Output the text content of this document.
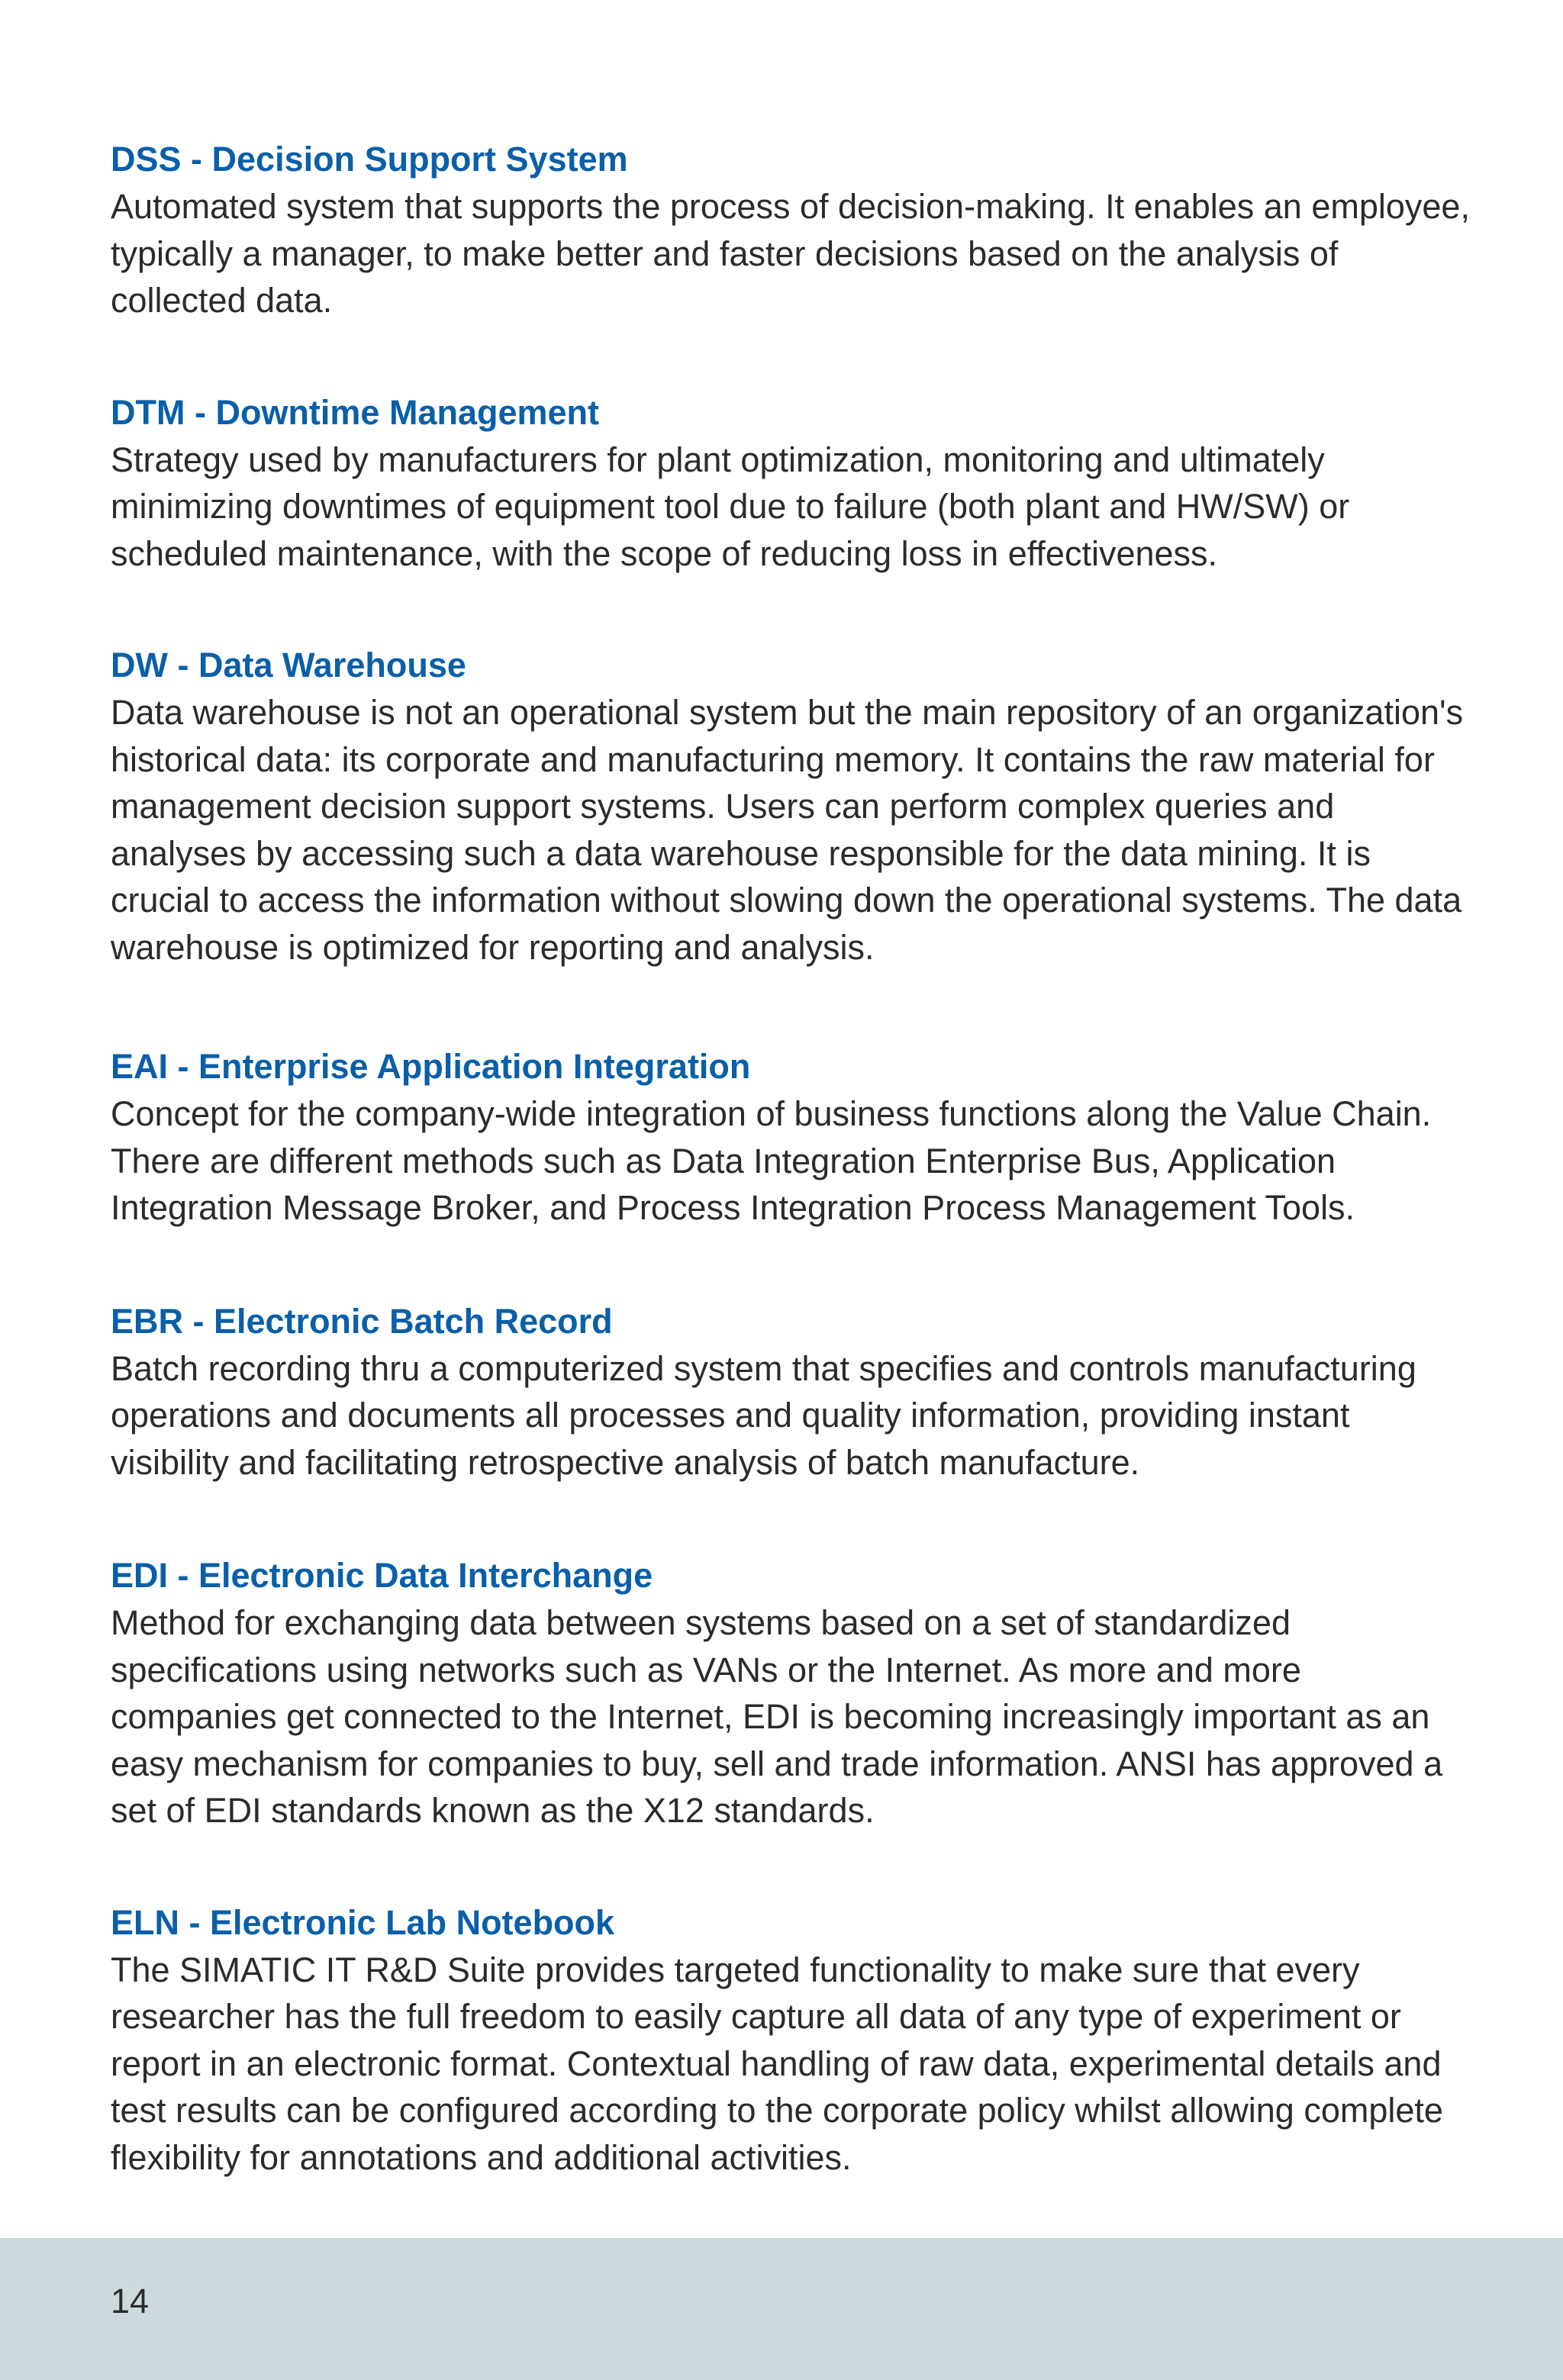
DSS - Decision Support System

Automated system that supports the process of decision-making. It enables an employee, typically a manager, to make better and faster decisions based on the analysis of collected data.

DTM - Downtime Management

Strategy used by manufacturers for plant optimization, monitoring and ultimately minimizing downtimes of equipment tool due to failure (both plant and HW/SW) or scheduled maintenance, with the scope of reducing loss in effectiveness.

DW - Data Warehouse

Data warehouse is not an operational system but the main repository of an organization's historical data: its corporate and manufacturing memory. It contains the raw material for management decision support systems. Users can perform complex queries and analyses by accessing such a data warehouse responsible for the data mining. It is crucial to access the information without slowing down the operational systems. The data warehouse is optimized for reporting and analysis.

EAI - Enterprise Application Integration

Concept for the company-wide integration of business functions along the Value Chain. There are different methods such as Data Integration Enterprise Bus, Application Integration Message Broker, and Process Integration Process Management Tools.

EBR - Electronic Batch Record

Batch recording thru a computerized system that specifies and controls manufacturing operations and documents all processes and quality information, providing instant visibility and facilitating retrospective analysis of batch manufacture.

EDI - Electronic Data Interchange

Method for exchanging data between systems based on a set of standardized specifications using networks such as VANs or the Internet. As more and more companies get connected to the Internet, EDI is becoming increasingly important as an easy mechanism for companies to buy, sell and trade information. ANSI has approved a set of EDI standards known as the X12 standards.

ELN - Electronic Lab Notebook

The SIMATIC IT R&D Suite provides targeted functionality to make sure that every researcher has the full freedom to easily capture all data of any type of experiment or report in an electronic format. Contextual handling of raw data, experimental details and test results can be configured according to the corporate policy whilst allowing complete flexibility for annotations and additional activities.

14
